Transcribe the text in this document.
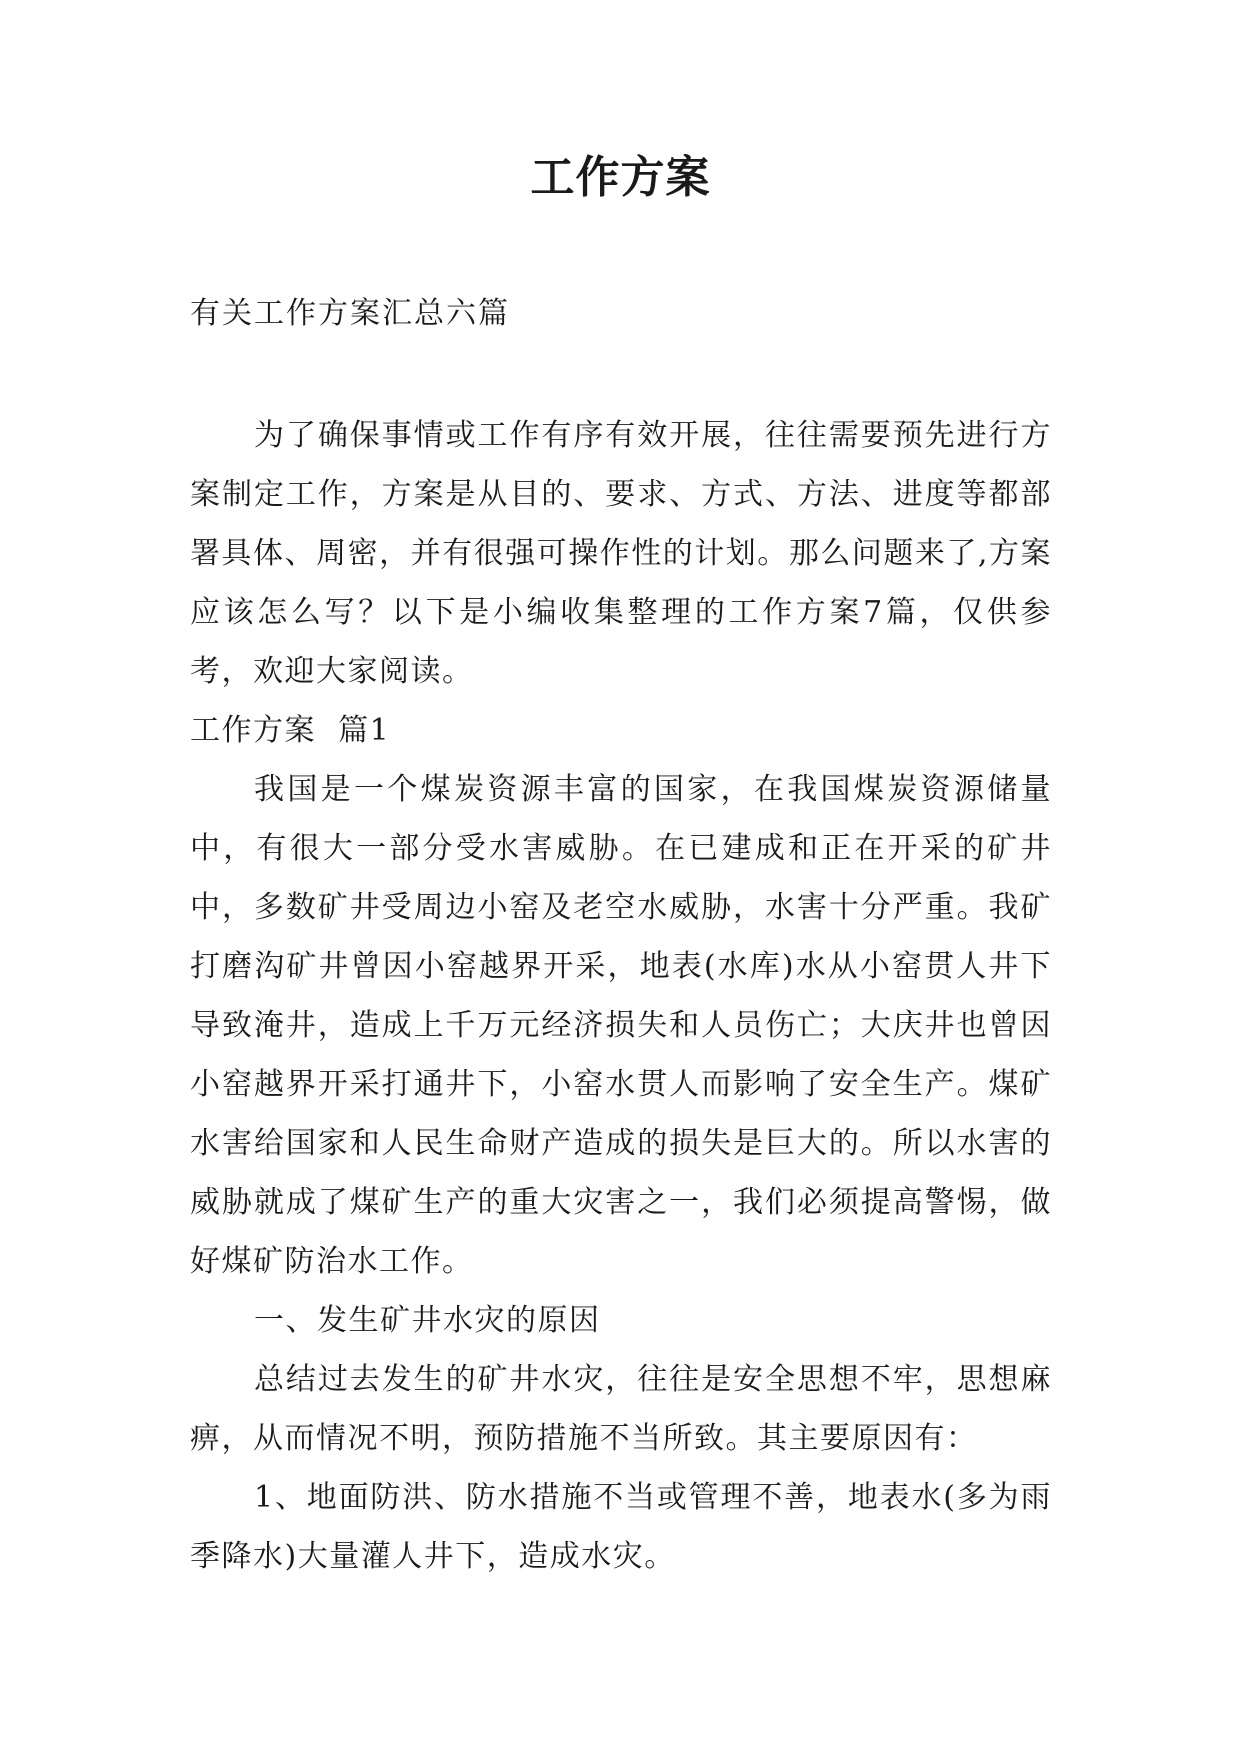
工作方案

有关工作方案汇总六篇

为了确保事情或工作有序有效开展，往往需要预先进行方案制定工作，方案是从目的、要求、方式、方法、进度等都部署具体、周密，并有很强可操作性的计划。那么问题来了,方案应该怎么写？以下是小编收集整理的工作方案7篇，仅供参考，欢迎大家阅读。

工作方案  篇1

我国是一个煤炭资源丰富的国家，在我国煤炭资源储量中，有很大一部分受水害威胁。在已建成和正在开采的矿井中，多数矿井受周边小窑及老空水威胁，水害十分严重。我矿打磨沟矿井曾因小窑越界开采，地表(水库)水从小窑贯人井下导致淹井，造成上千万元经济损失和人员伤亡；大庆井也曾因小窑越界开采打通井下，小窑水贯人而影响了安全生产。煤矿水害给国家和人民生命财产造成的损失是巨大的。所以水害的威胁就成了煤矿生产的重大灾害之一，我们必须提高警惕，做好煤矿防治水工作。

一、发生矿井水灾的原因

总结过去发生的矿井水灾，往往是安全思想不牢，思想麻痹，从而情况不明，预防措施不当所致。其主要原因有：

1、地面防洪、防水措施不当或管理不善，地表水(多为雨季降水)大量灌人井下，造成水灾。
